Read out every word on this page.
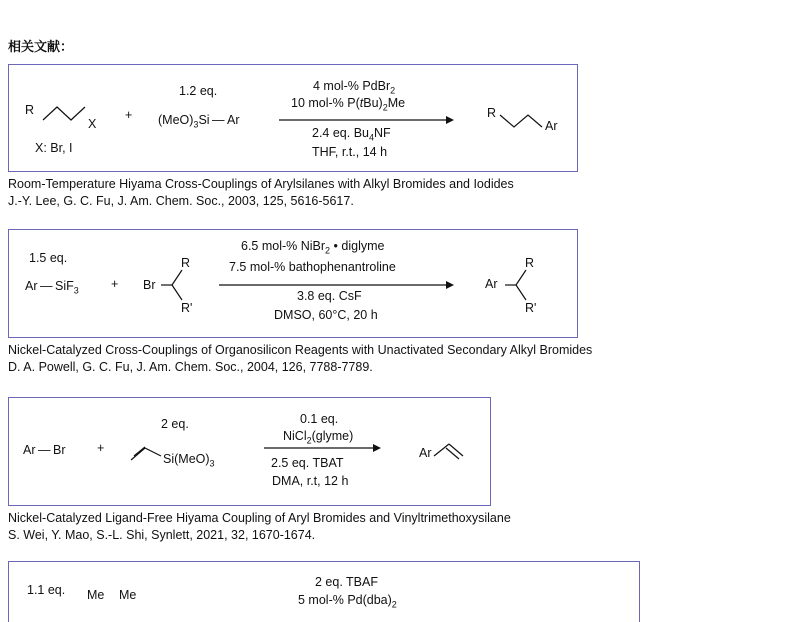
相关文献：
R
X
X: Br, I
+
1.2 eq.
$(MeO)_3Si$ — Ar
4 mol-% PdBr$_2$
10 mol-% $P(tBu)_2Me$
2.4 eq. $Bu_4NF$
THF, r.t., 14 h
R
Ar
Room-Temperature Hiyama Cross-Couplings of Arylsilanes with Alkyl Bromides and Iodides
J.-Y. Lee, G. C. Fu, J. Am. Chem. Soc., 2003, 125, 5616-5617.
1.5 eq.
Ar — SiF$_3$	+ Br
R
R'
6.5 mol-% NiBr$_2$ • diglyme
7.5 mol-% bathophenantroline
3.8 eq. CsF
DMSO, 60°C, 20 h
Ar
R
R'
Nickel-Catalyzed Cross-Couplings of Organosilicon Reagents with Unactivated Secondary Alkyl Bromides
D. A. Powell, G. C. Fu, J. Am. Chem. Soc., 2004, 126, 7788-7789.
Ar — Br	+
2 eq.
$Si(MeO)_3$
0.1 eq.
NiCl$_2$(glyme)
2.5 eq. TBAT
DMA, r.t, 12 h
Ar
Nickel-Catalyzed Ligand-Free Hiyama Coupling of Aryl Bromides and Vinyltrimethoxysilane
S. Wei, Y. Mao, S.-L. Shi, Synlett, 2021, 32, 1670-1674.
1.1 eq. Me Me
2 eq. TBAF
5 mol-% $Pd(dba)_2$
